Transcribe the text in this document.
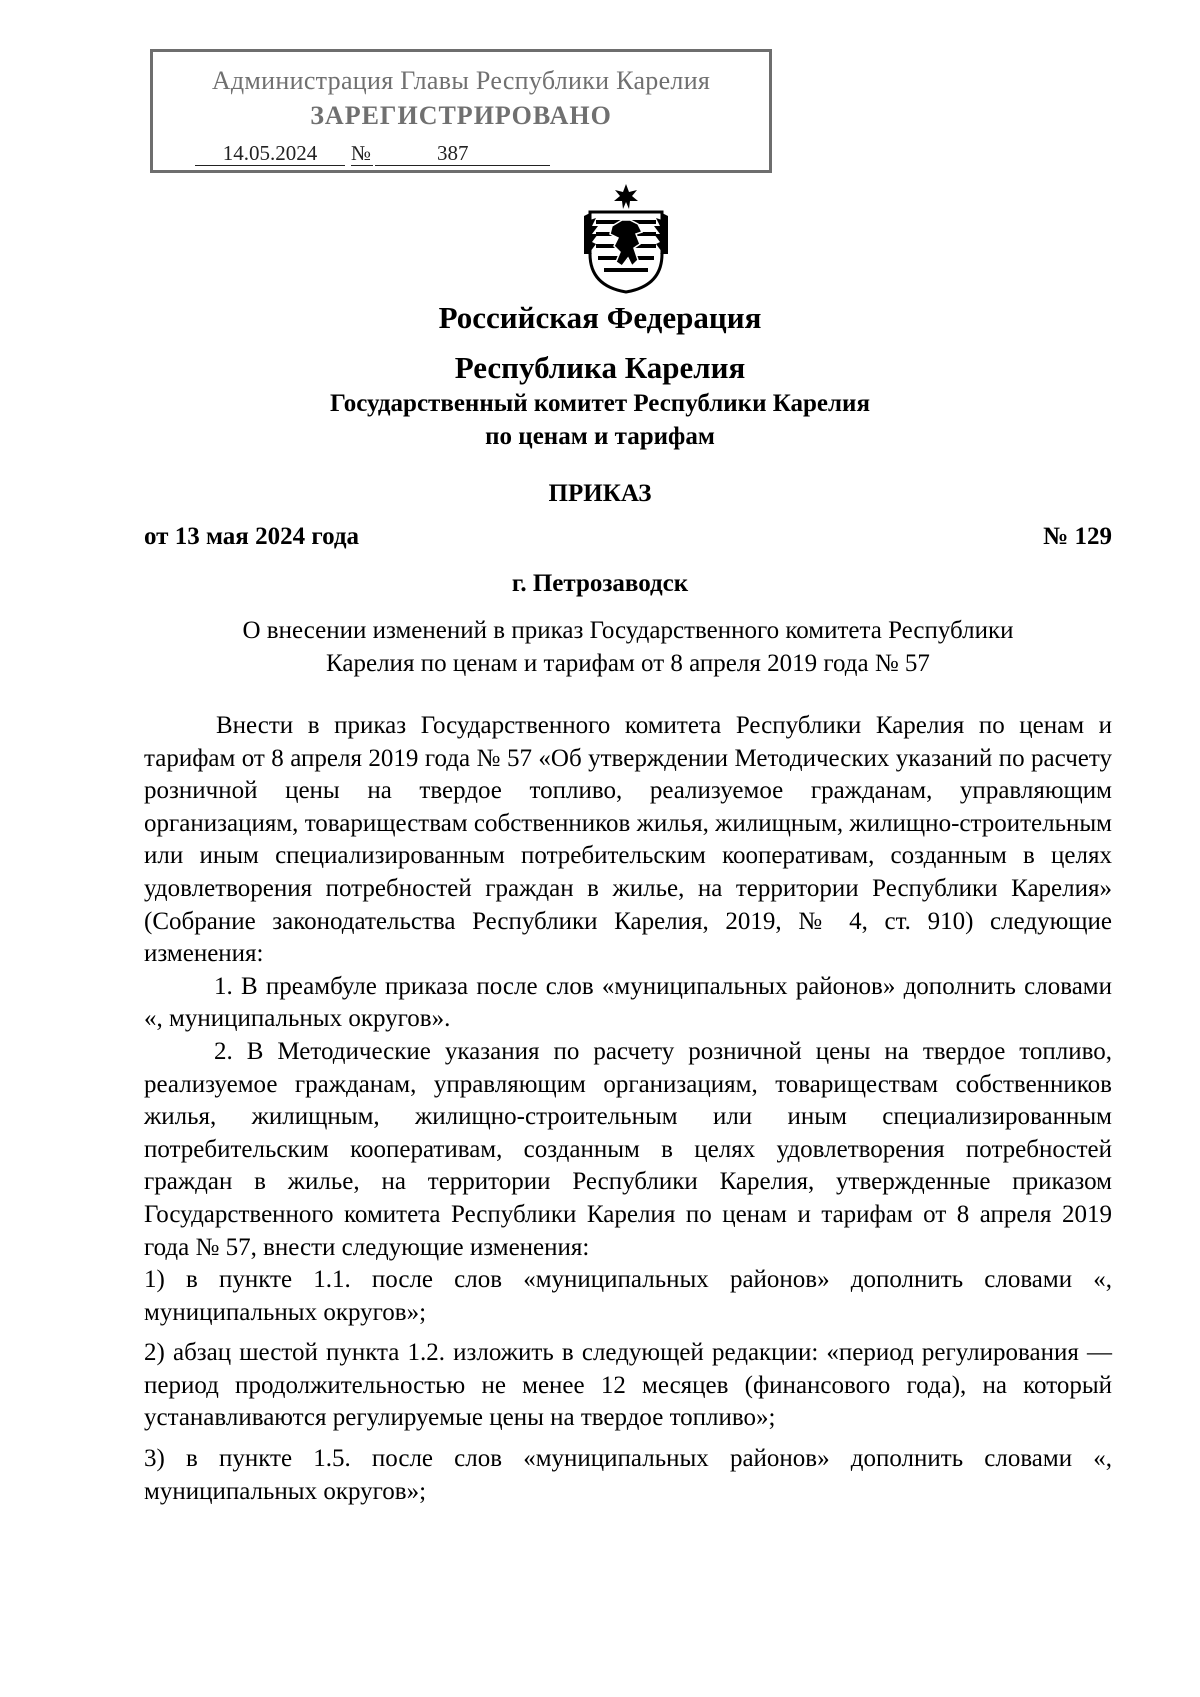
Администрация Главы Республики Карелия
ЗАРЕГИСТРИРОВАНО
14.05.2024	№	387
Российская Федерация
Республика Карелия
Государственный комитет Республики Карелия
по ценам и тарифам
ПРИКАЗ
от 13 мая 2024 года	№ 129
г. Петрозаводск
О внесении изменений в приказ Государственного комитета Республики
Карелия по ценам и тарифам от 8 апреля 2019 года № 57

Внести в приказ Государственного комитета Республики Карелия по ценам и тарифам от 8 апреля 2019 года № 57 «Об утверждении Методических указаний по расчету розничной цены на твердое топливо, реализуемое гражданам, управляющим организациям, товариществам собственников жилья, жилищным, жилищно-строительным или иным специализированным потребительским кооперативам, созданным в целях удовлетворения потребностей граждан в жилье, на территории Республики Карелия» (Собрание законодательства Республики Карелия, 2019, № 4, ст. 910) следующие изменения:

1. В преамбуле приказа после слов «муниципальных районов» дополнить словами «, муниципальных округов».

2. В Методические указания по расчету розничной цены на твердое топливо, реализуемое гражданам, управляющим организациям, товариществам собственников жилья, жилищным, жилищно-строительным или иным специализированным потребительским кооперативам, созданным в целях удовлетворения потребностей граждан в жилье, на территории Республики Карелия, утвержденные приказом Государственного комитета Республики Карелия по ценам и тарифам от 8 апреля 2019 года № 57, внести следующие изменения:

1) в пункте 1.1. после слов «муниципальных районов» дополнить словами «, муниципальных округов»;

2) абзац шестой пункта 1.2. изложить в следующей редакции: «период регулирования — период продолжительностью не менее 12 месяцев (финансового года), на который устанавливаются регулируемые цены на твердое топливо»;

3) в пункте 1.5. после слов «муниципальных районов» дополнить словами «, муниципальных округов»;
